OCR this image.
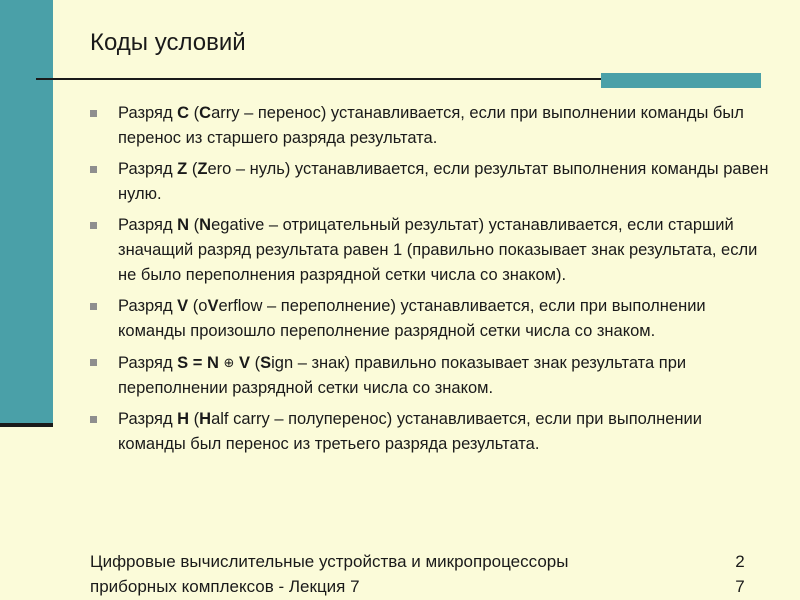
Коды условий
Разряд C (Carry – перенос) устанавливается, если при выполнении команды был перенос из старшего разряда результата.
Разряд Z (Zero – нуль) устанавливается, если результат выполнения команды равен нулю.
Разряд N (Negative – отрицательный результат) устанавливается, если старший значащий разряд результата равен 1 (правильно показывает знак результата, если не было переполнения разрядной сетки числа со знаком).
Разряд V (oVerflow – переполнение) устанавливается, если при выполнении команды произошло переполнение разрядной сетки числа со знаком.
Разряд S = N ⊕ V (Sign – знак) правильно показывает знак результата при переполнении разрядной сетки числа со знаком.
Разряд H (Half carry – полуперенос) устанавливается, если при выполнении команды был перенос из третьего разряда результата.
Цифровые вычислительные устройства и микропроцессоры
приборных комплексов - Лекция 7
2
7
